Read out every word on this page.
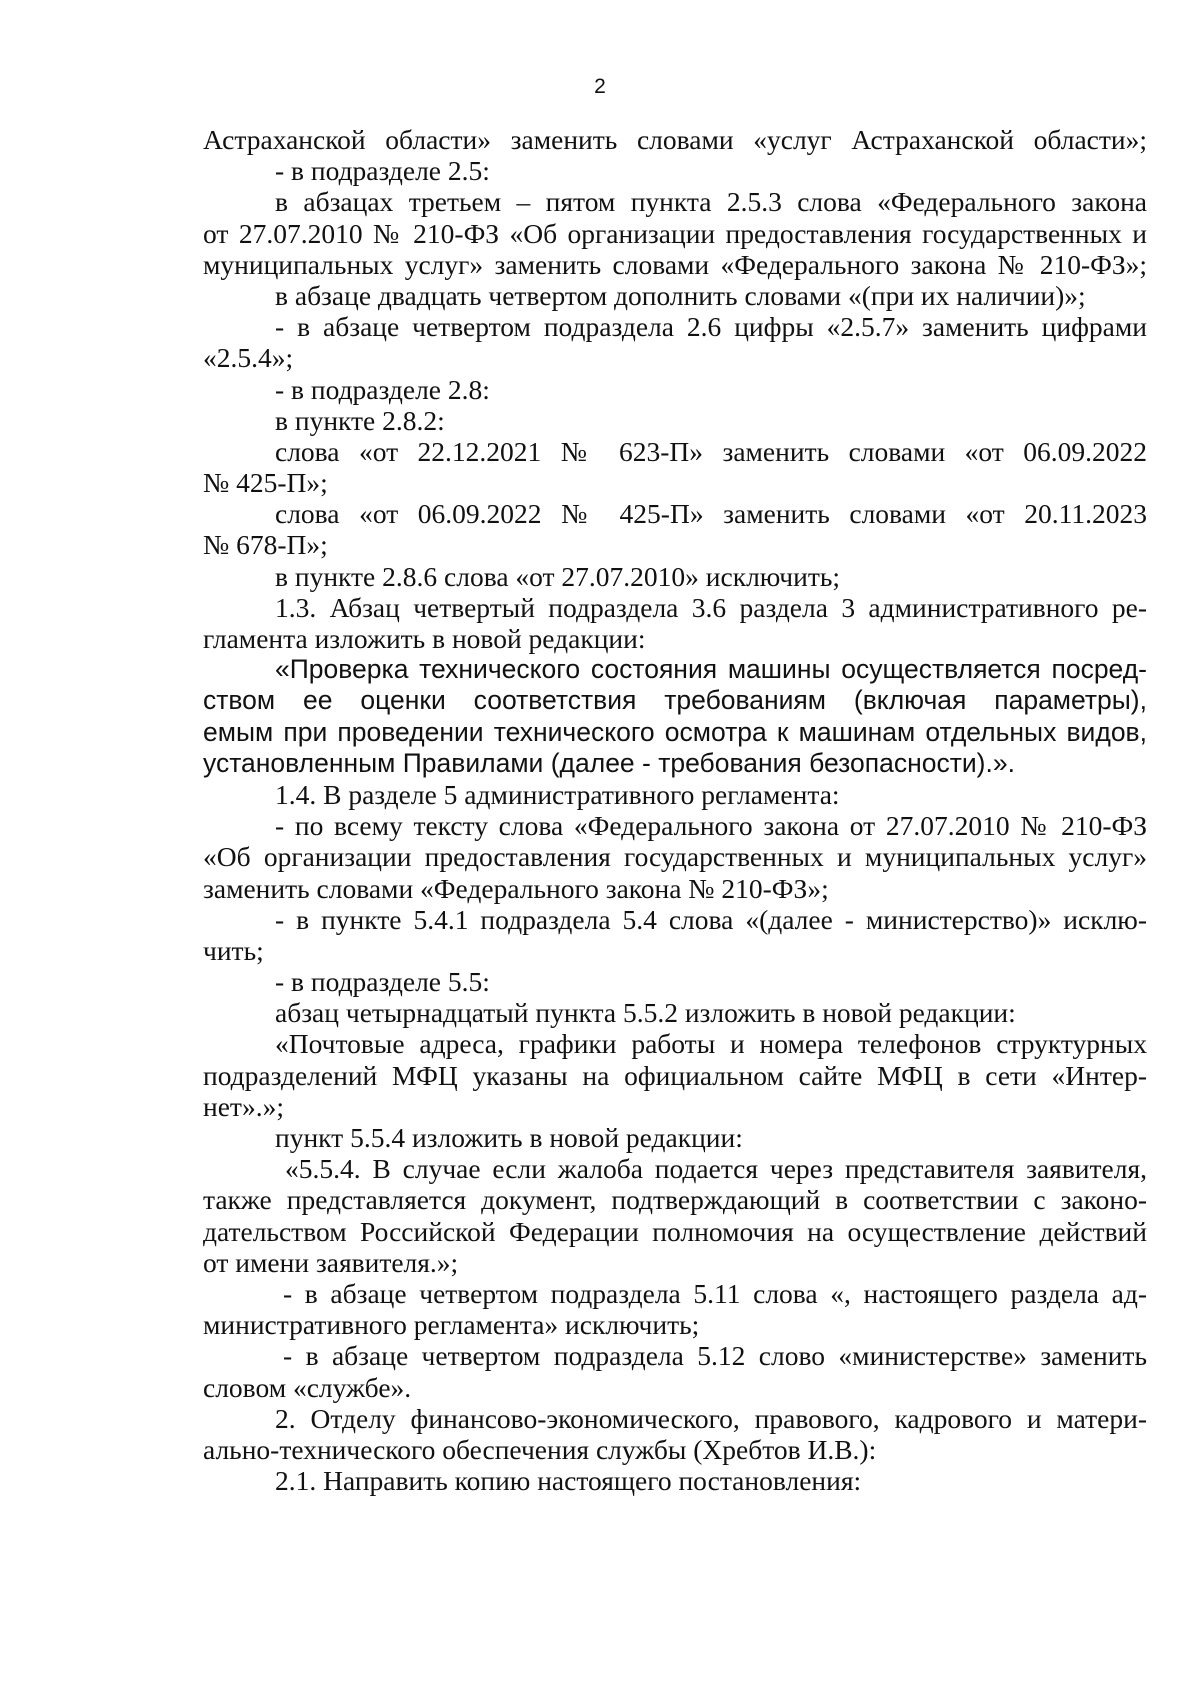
2
Астраханской области» заменить словами «услуг Астраханской области»;
- в подразделе 2.5:
в абзацах третьем – пятом пункта 2.5.3 слова «Федерального закона
от 27.07.2010 № 210-ФЗ «Об организации предоставления государственных и
муниципальных услуг» заменить словами «Федерального закона № 210-ФЗ»;
в абзаце двадцать четвертом дополнить словами «(при их наличии)»;
- в абзаце четвертом подраздела 2.6 цифры «2.5.7» заменить цифрами
«2.5.4»;
- в подразделе 2.8:
в пункте 2.8.2:
слова «от 22.12.2021 № 623-П» заменить словами «от 06.09.2022
№ 425-П»;
слова «от 06.09.2022 № 425-П» заменить словами «от 20.11.2023
№ 678-П»;
в пункте 2.8.6 слова «от 27.07.2010» исключить;
1.3. Абзац четвертый подраздела 3.6 раздела 3 административного ре-
гламента изложить в новой редакции:
«Проверка технического состояния машины осуществляется посред-
ством ее оценки соответствия требованиям (включая параметры),
емым при проведении технического осмотра к машинам отдельных видов,
установленным Правилами (далее - требования безопасности).».
1.4. В разделе 5 административного регламента:
- по всему тексту слова «Федерального закона от 27.07.2010 № 210-ФЗ
«Об организации предоставления государственных и муниципальных услуг»
заменить словами «Федерального закона № 210-ФЗ»;
- в пункте 5.4.1 подраздела 5.4 слова «(далее - министерство)» исклю-
чить;
- в подразделе 5.5:
абзац четырнадцатый пункта 5.5.2 изложить в новой редакции:
«Почтовые адреса, графики работы и номера телефонов структурных
подразделений МФЦ указаны на официальном сайте МФЦ в сети «Интер-
нет».»;
пункт 5.5.4 изложить в новой редакции:
«5.5.4. В случае если жалоба подается через представителя заявителя,
также представляется документ, подтверждающий в соответствии с законо-
дательством Российской Федерации полномочия на осуществление действий
от имени заявителя.»;
- в абзаце четвертом подраздела 5.11 слова «, настоящего раздела ад-
министративного регламента» исключить;
- в абзаце четвертом подраздела 5.12 слово «министерстве» заменить
словом «службе».
2. Отделу финансово-экономического, правового, кадрового и матери-
ально-технического обеспечения службы (Хребтов И.В.):
2.1. Направить копию настоящего постановления:
